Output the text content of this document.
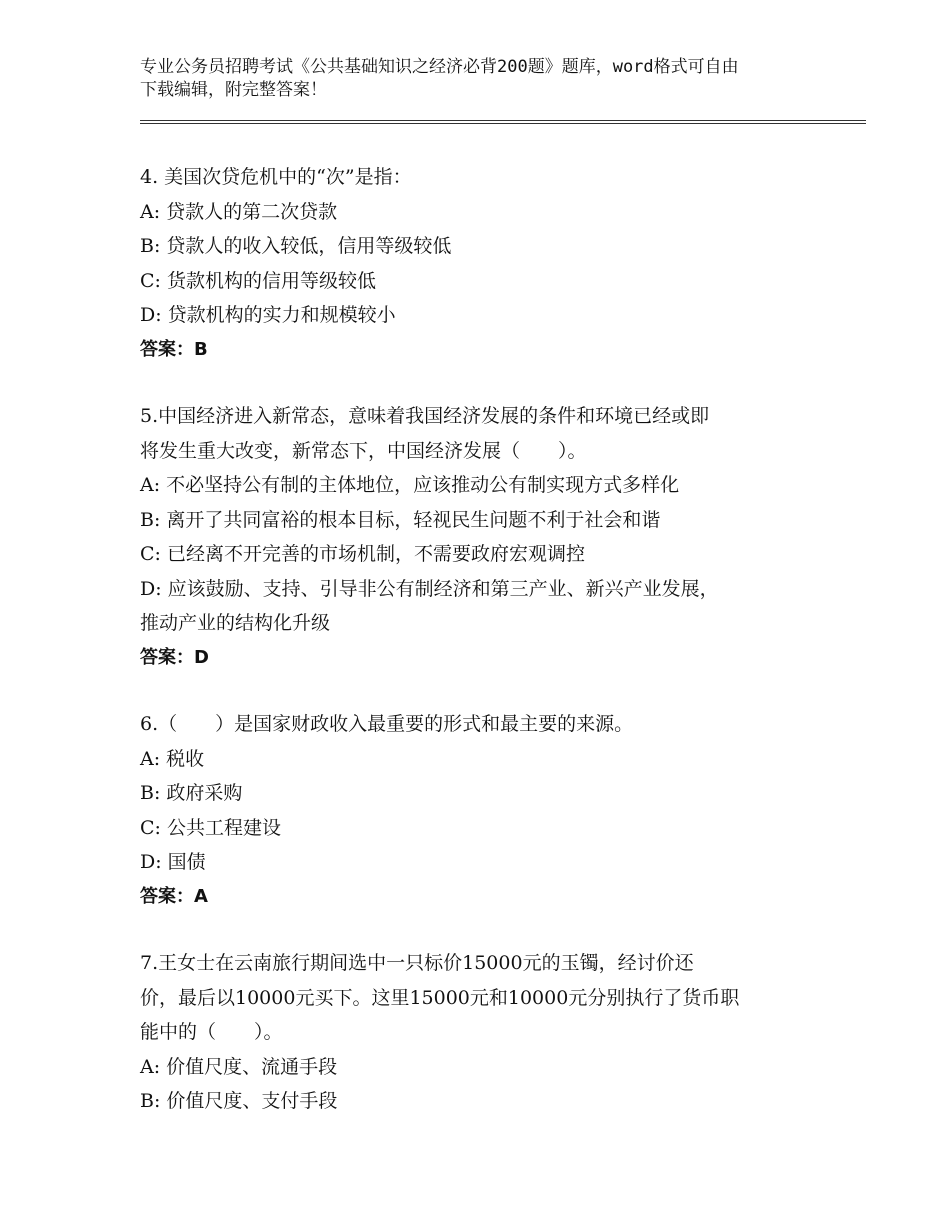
专业公务员招聘考试《公共基础知识之经济必背200题》题库，word格式可自由
下载编辑，附完整答案！
4. 美国次贷危机中的“次”是指：
A: 贷款人的第二次贷款
B: 贷款人的收入较低，信用等级较低
C: 货款机构的信用等级较低
D: 贷款机构的实力和规模较小
答案：B
5.中国经济进入新常态，意味着我国经济发展的条件和环境已经或即
将发生重大改变，新常态下，中国经济发展（　　）。
A: 不必坚持公有制的主体地位，应该推动公有制实现方式多样化
B: 离开了共同富裕的根本目标，轻视民生问题不利于社会和谐
C: 已经离不开完善的市场机制，不需要政府宏观调控
D: 应该鼓励、支持、引导非公有制经济和第三产业、新兴产业发展，
推动产业的结构化升级
答案：D
6.（　　）是国家财政收入最重要的形式和最主要的来源。
A: 税收
B: 政府采购
C: 公共工程建设
D: 国债
答案：A
7.王女士在云南旅行期间选中一只标价15000元的玉镯，经讨价还
价，最后以10000元买下。这里15000元和10000元分别执行了货币职
能中的（　　）。
A: 价值尺度、流通手段
B: 价值尺度、支付手段
